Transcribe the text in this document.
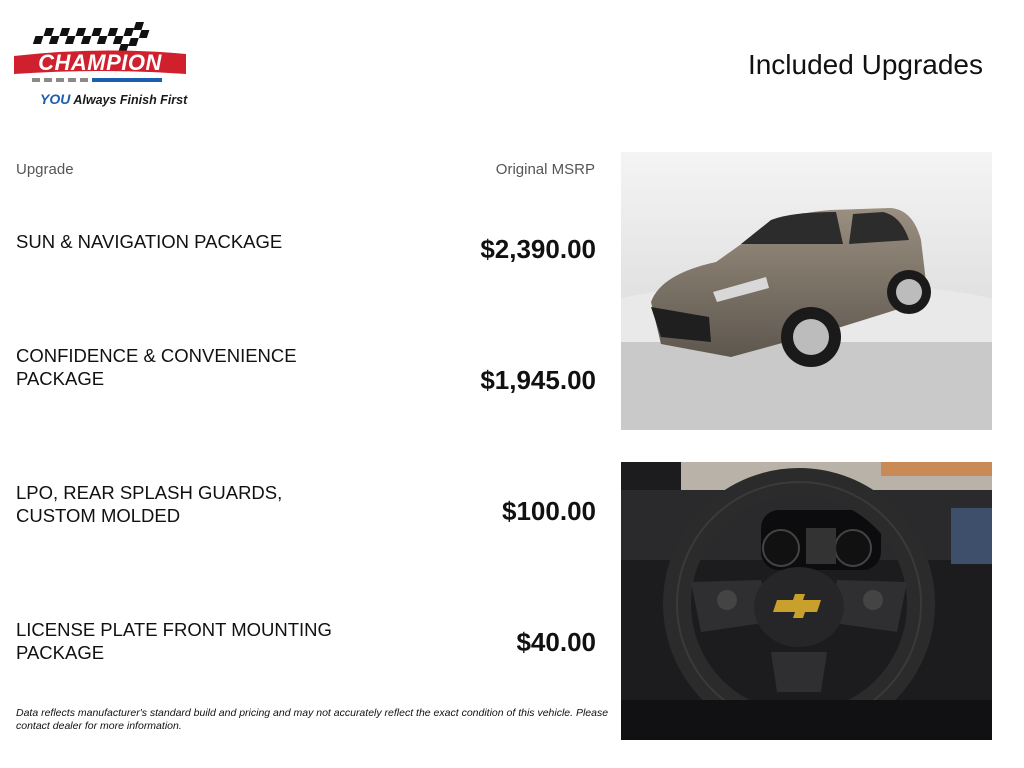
CHAMPION
YOU Always Finish First
Included Upgrades
Upgrade	Original MSRP
SUN & NAVIGATION PACKAGE	$2,390.00
CONFIDENCE & CONVENIENCE PACKAGE	$1,945.00
LPO, REAR SPLASH GUARDS, CUSTOM MOLDED	$100.00
LICENSE PLATE FRONT MOUNTING PACKAGE	$40.00
Data reflects manufacturer's standard build and pricing and may not accurately reflect the exact condition of this vehicle. Please contact dealer for more information.
